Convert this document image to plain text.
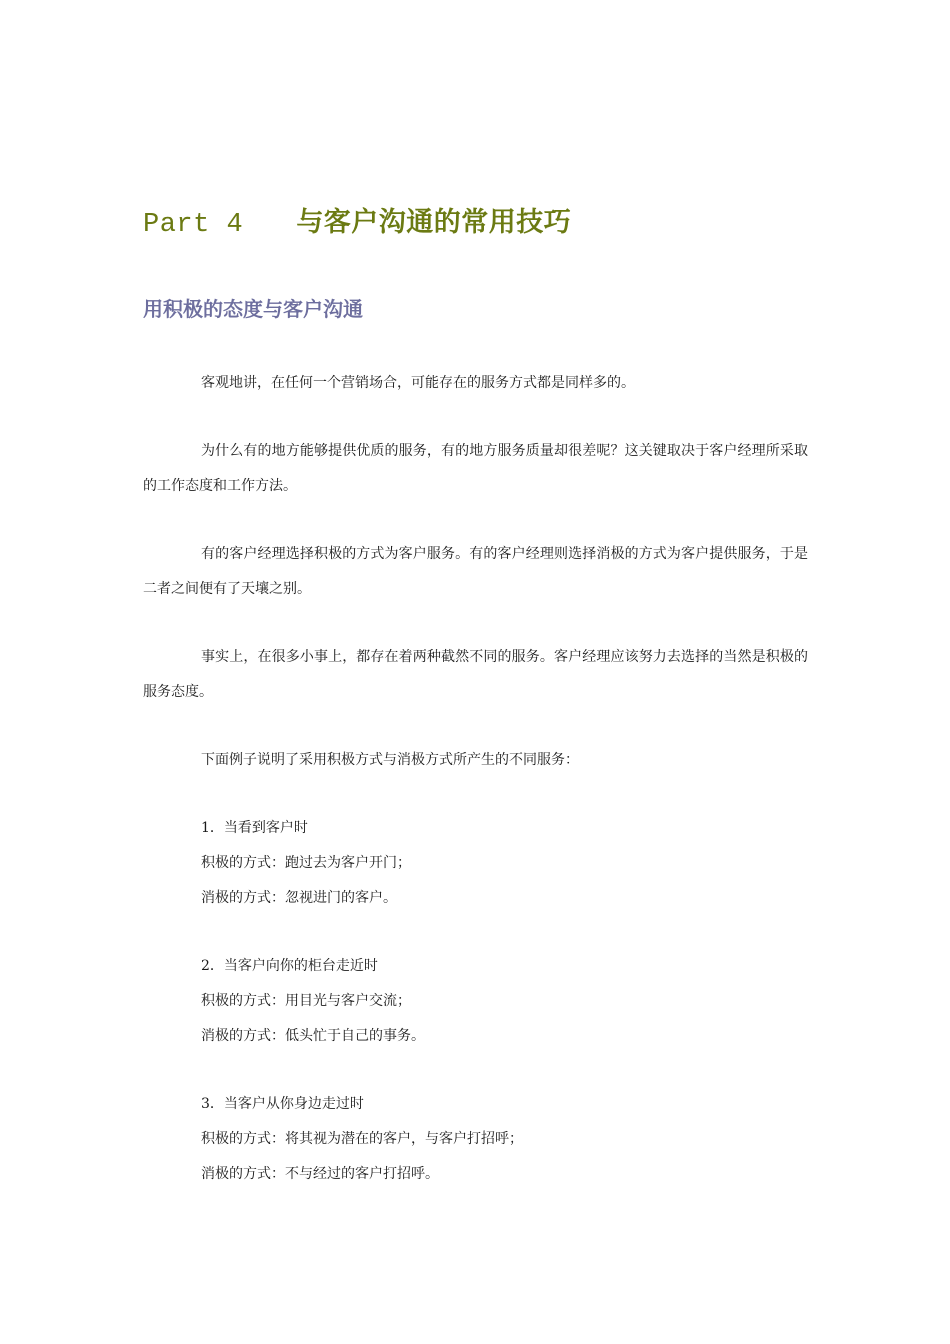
Part 4 与客户沟通的常用技巧
用积极的态度与客户沟通

客观地讲，在任何一个营销场合，可能存在的服务方式都是同样多的。

为什么有的地方能够提供优质的服务，有的地方服务质量却很差呢？这关键取决于客户经理所采取的工作态度和工作方法。

有的客户经理选择积极的方式为客户服务。有的客户经理则选择消极的方式为客户提供服务，于是二者之间便有了天壤之别。

事实上，在很多小事上，都存在着两种截然不同的服务。客户经理应该努力去选择的当然是积极的服务态度。

下面例子说明了采用积极方式与消极方式所产生的不同服务：

1．当看到客户时
积极的方式：跑过去为客户开门；
消极的方式：忽视进门的客户。
2．当客户向你的柜台走近时
积极的方式：用目光与客户交流；
消极的方式：低头忙于自己的事务。
3．当客户从你身边走过时
积极的方式：将其视为潜在的客户，与客户打招呼；
消极的方式：不与经过的客户打招呼。
